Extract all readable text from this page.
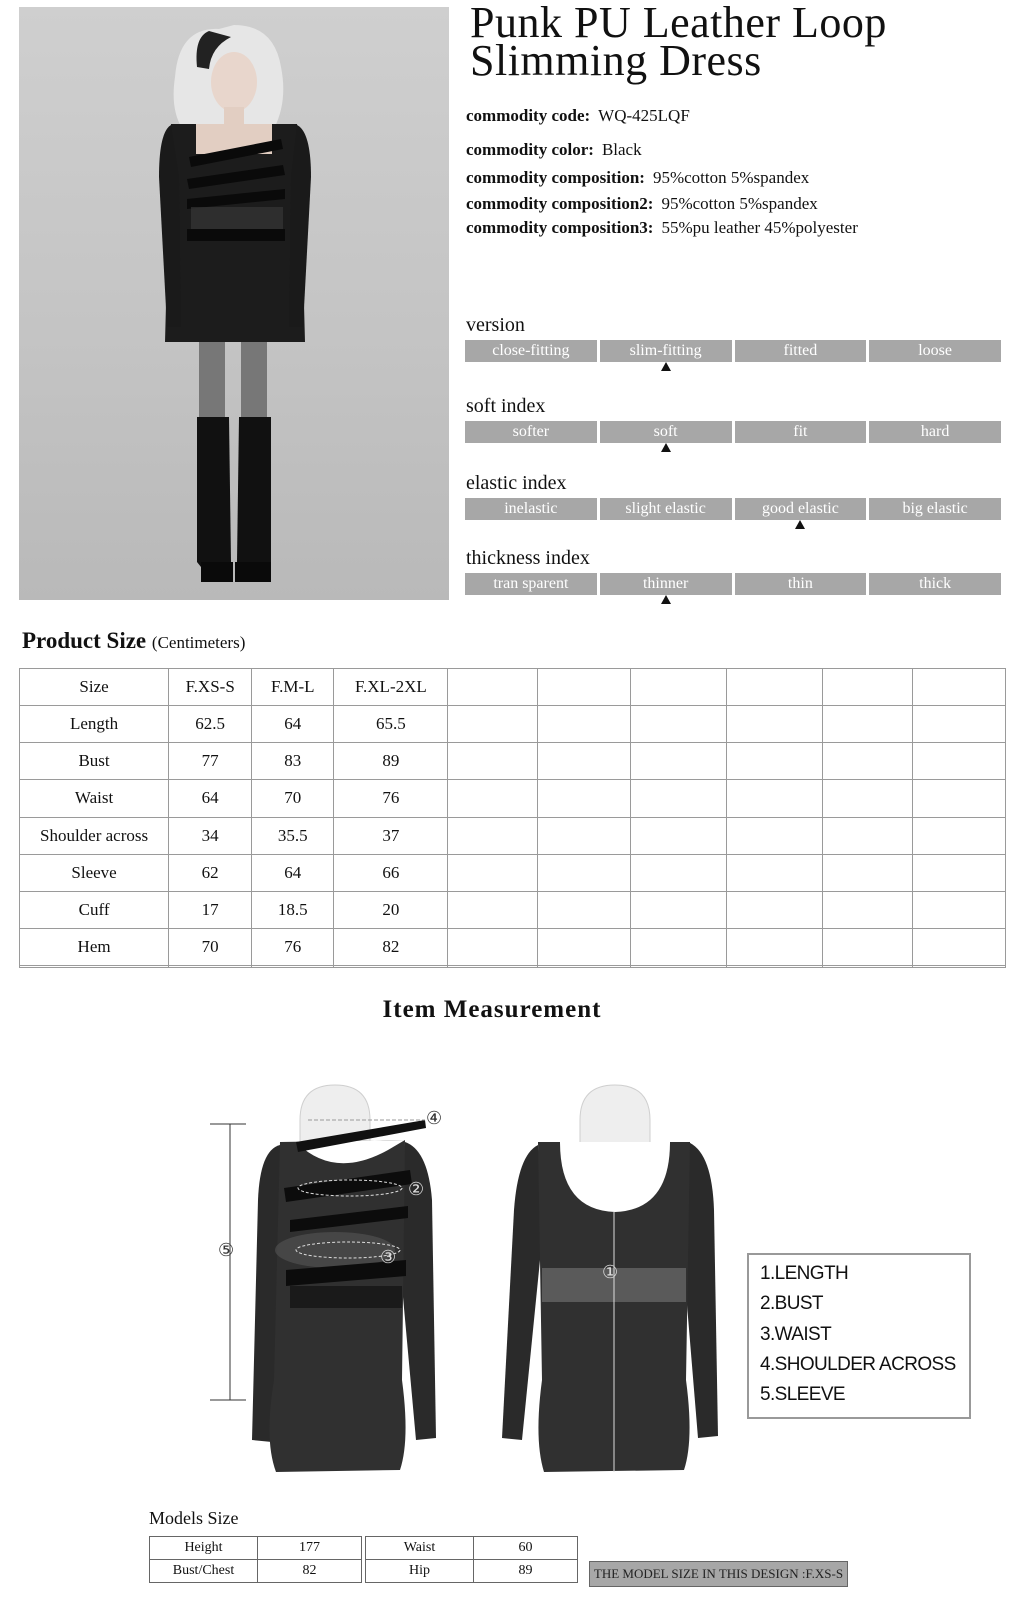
Punk PU Leather Loop Slimming Dress
commodity code: WQ-425LQF
commodity color: Black
commodity composition: 95%cotton 5%spandex
commodity composition2: 95%cotton 5%spandex
commodity composition3: 55%pu leather 45%polyester
version
close-fitting	slim-fitting	fitted	loose
soft index
softer	soft	fit	hard
elastic index
inelastic	slight elastic	good elastic	big elastic
thickness index
tran sparent	thinner	thin	thick
Product Size (Centimeters)
Size	F.XS-S	F.M-L	F.XL-2XL						
Length	62.5	64	65.5						
Bust	77	83	89						
Waist	64	70	76						
Shoulder across	34	35.5	37						
Sleeve	62	64	66						
Cuff	17	18.5	20						
Hem	70	76	82						

Item Measurement
⑤
④
②
③
①	1.LENGTH
2.BUST
3.WAIST
4.SHOULDER ACROSS
5.SLEEVE
Models Size
Height	177		Waist	60
Bust/Chest	82		Hip	89	THE MODEL SIZE IN THIS DESIGN :F.XS-S
